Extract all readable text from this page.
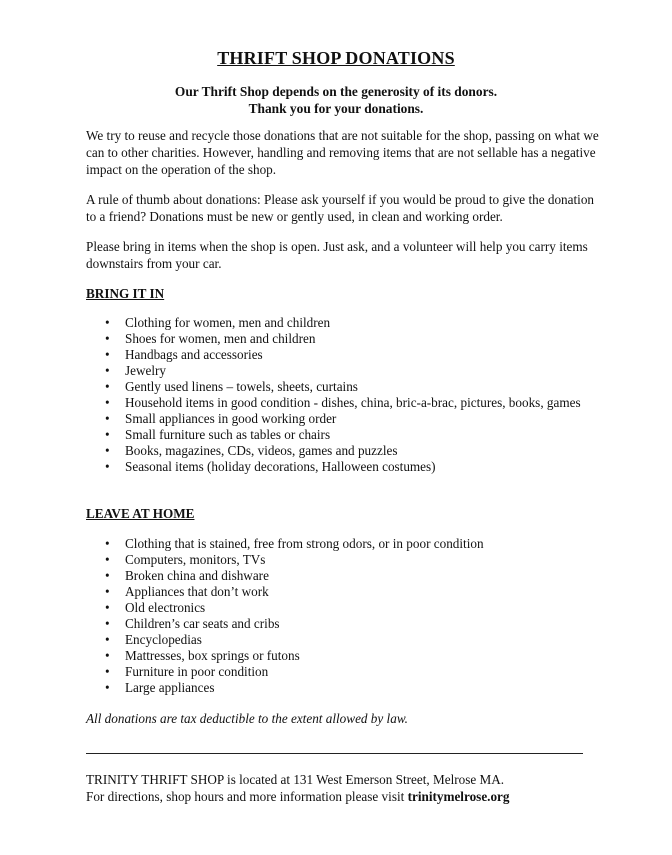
THRIFT SHOP DONATIONS
Our Thrift Shop depends on the generosity of its donors.
Thank you for your donations.

We try to reuse and recycle those donations that are not suitable for the shop, passing on what we can to other charities. However, handling and removing items that are not sellable has a negative impact on the operation of the shop.

A rule of thumb about donations: Please ask yourself if you would be proud to give the donation to a friend? Donations must be new or gently used, in clean and working order.

Please bring in items when the shop is open. Just ask, and a volunteer will help you carry items downstairs from your car.

BRING IT IN

• Clothing for women, men and children
• Shoes for women, men and children
• Handbags and accessories
• Jewelry
• Gently used linens – towels, sheets, curtains
• Household items in good condition - dishes, china, bric-a-brac, pictures, books, games
• Small appliances in good working order
• Small furniture such as tables or chairs
• Books, magazines, CDs, videos, games and puzzles
• Seasonal items (holiday decorations, Halloween costumes)

LEAVE AT HOME

• Clothing that is stained, free from strong odors, or in poor condition
• Computers, monitors, TVs
• Broken china and dishware
• Appliances that don’t work
• Old electronics
• Children’s car seats and cribs
• Encyclopedias
• Mattresses, box springs or futons
• Furniture in poor condition
• Large appliances

All donations are tax deductible to the extent allowed by law.

TRINITY THRIFT SHOP is located at 131 West Emerson Street, Melrose MA.
For directions, shop hours and more information please visit trinitymelrose.org
